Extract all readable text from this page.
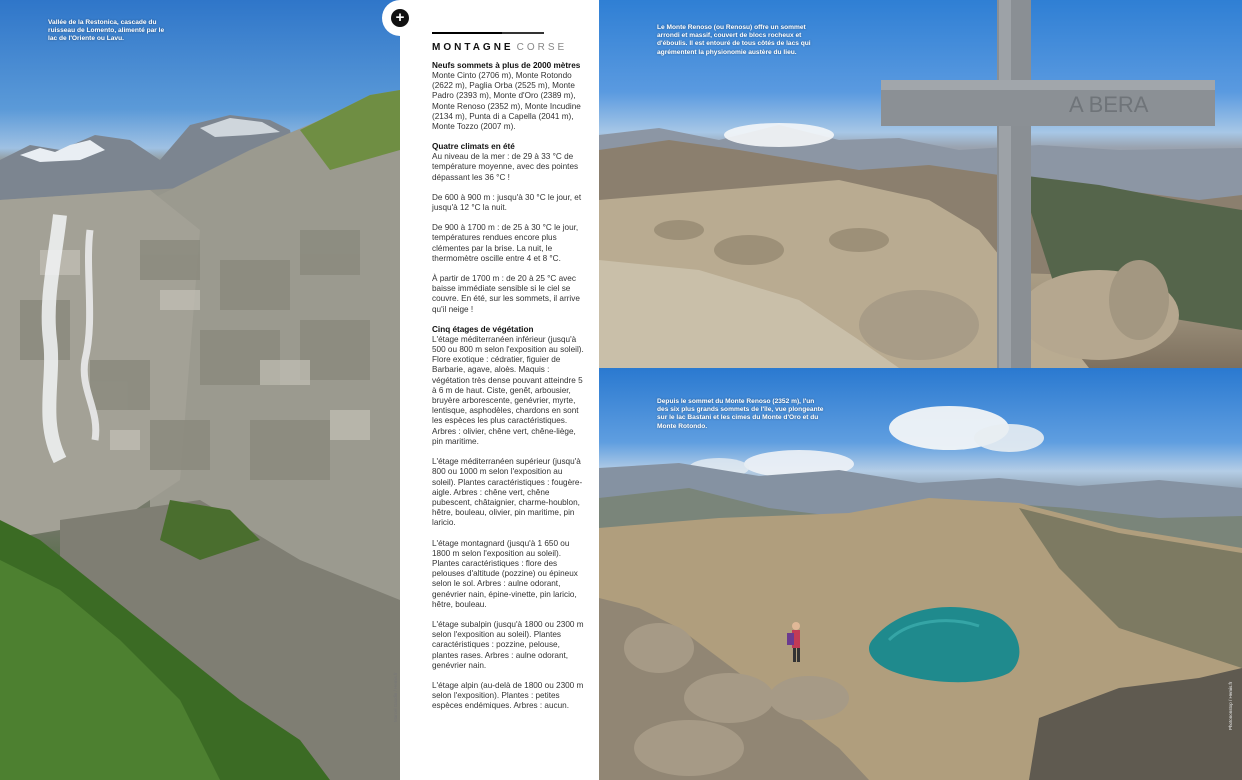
Vallée de la Restonica, cascade du ruisseau de Lomento, alimenté par le lac de l'Oriente ou Lavu.
Marcel Gaudin / Hemis.fr
MONTAGNE CORSE
Neufs sommets à plus de 2000 mètres
Monte Cinto (2706 m), Monte Rotondo (2622 m), Paglia Orba (2525 m), Monte Padro (2393 m), Monte d'Oro (2389 m), Monte Renoso (2352 m), Monte Incudine (2134 m), Punta di a Capella (2041 m), Monte Tozzo (2007 m).
Quatre climats en été
Au niveau de la mer : de 29 à 33 °C de température moyenne, avec des pointes dépassant les 36 °C !
De 600 à 900 m : jusqu'à 30 °C le jour, et jusqu'à 12 °C la nuit.
De 900 à 1700 m : de 25 à 30 °C le jour, températures rendues encore plus clémentes par la brise. La nuit, le thermomètre oscille entre 4 et 8 °C.
À partir de 1700 m : de 20 à 25 °C avec baisse immédiate sensible si le ciel se couvre. En été, sur les sommets, il arrive qu'il neige !
Cinq étages de végétation
L'étage méditerranéen inférieur (jusqu'à 500 ou 800 m selon l'exposition au soleil). Flore exotique : cédratier, figuier de Barbarie, agave, aloès. Maquis : végétation très dense pouvant atteindre 5 à 6 m de haut. Ciste, genêt, arbousier, bruyère arborescente, genévrier, myrte, lentisque, asphodèles, chardons en sont les espèces les plus caractéristiques. Arbres : olivier, chêne vert, chêne-liège, pin maritime.
L'étage méditerranéen supérieur (jusqu'à 800 ou 1000 m selon l'exposition au soleil). Plantes caractéristiques : fougère-aigle. Arbres : chêne vert, chêne pubescent, châtaignier, charme-houblon, hêtre, bouleau, olivier, pin maritime, pin laricio.
L'étage montagnard (jusqu'à 1 650 ou 1800 m selon l'exposition au soleil). Plantes caractéristiques : flore des pelouses d'altitude (pozzine) ou épineux selon le sol. Arbres : aulne odorant, genévrier nain, épine-vinette, pin laricio, hêtre, bouleau.
L'étage subalpin (jusqu'à 1800 ou 2300 m selon l'exposition au soleil). Plantes caractéristiques : pozzine, pelouse, plantes rases. Arbres : aulne odorant, genévrier nain.
L'étage alpin (au-delà de 1800 ou 2300 m selon l'exposition). Plantes : petites espèces endémiques. Arbres : aucun.
+
A BERA
Le Monte Renoso (ou Renosu) offre un sommet arrondi et massif, couvert de blocs rocheux et d'éboulis. Il est entouré de tous côtés de lacs qui agrémentent la physionomie austère du lieu.
Depuis le sommet du Monte Renoso (2352 m), l'un des six plus grands sommets de l'île, vue plongeante sur le lac Bastani et les cimes du Monte d'Oro et du Monte Rotondo.
Photononstop / Hemis.fr
